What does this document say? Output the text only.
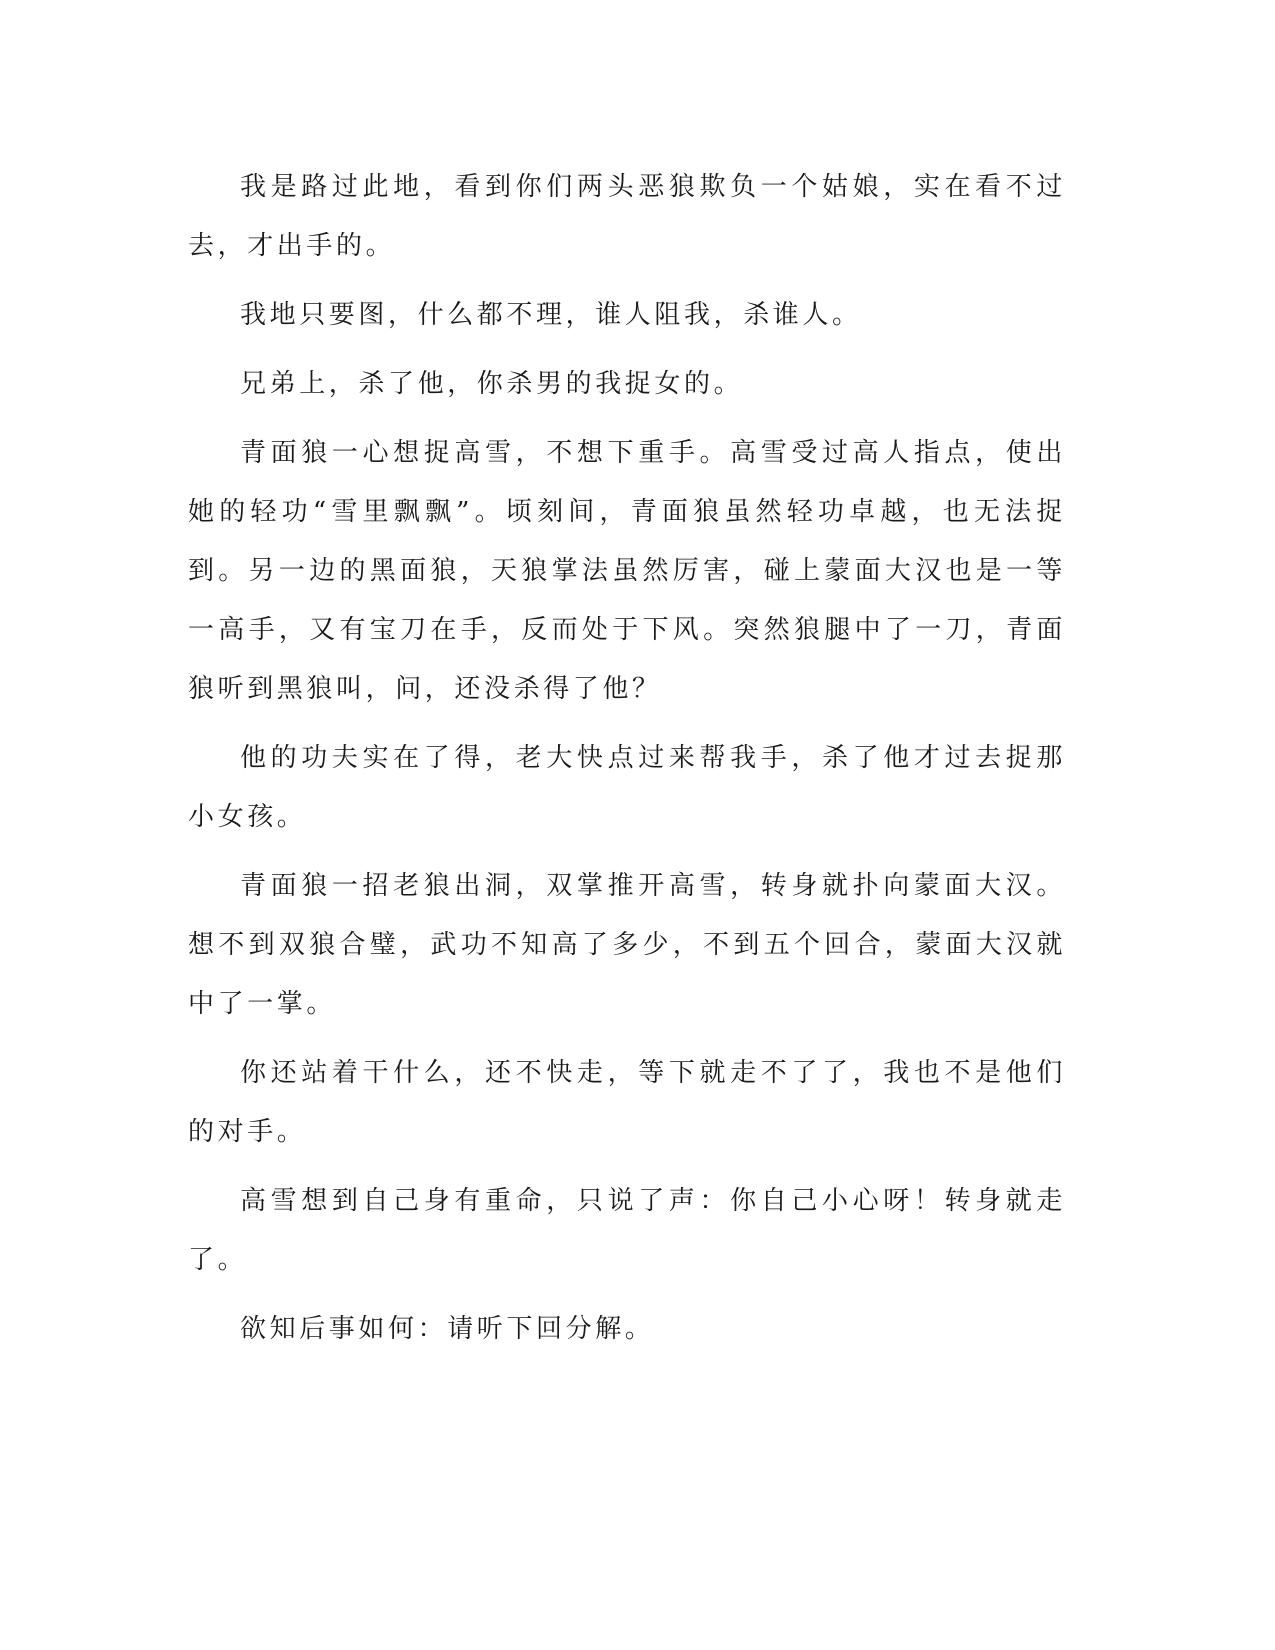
我是路过此地，看到你们两头恶狼欺负一个姑娘，实在看不过去，才出手的。

我地只要图，什么都不理，谁人阻我，杀谁人。

兄弟上，杀了他，你杀男的我捉女的。

青面狼一心想捉高雪，不想下重手。高雪受过高人指点，使出她的轻功“雪里飘飘”。顷刻间，青面狼虽然轻功卓越，也无法捉到。另一边的黑面狼，天狼掌法虽然厉害，碰上蒙面大汉也是一等一高手，又有宝刀在手，反而处于下风。突然狼腿中了一刀，青面狼听到黑狼叫，问，还没杀得了他？

他的功夫实在了得，老大快点过来帮我手，杀了他才过去捉那小女孩。

青面狼一招老狼出洞，双掌推开高雪，转身就扑向蒙面大汉。想不到双狼合璧，武功不知高了多少，不到五个回合，蒙面大汉就中了一掌。

你还站着干什么，还不快走，等下就走不了了，我也不是他们的对手。

高雪想到自己身有重命，只说了声：你自己小心呀！转身就走了。

欲知后事如何：请听下回分解。
